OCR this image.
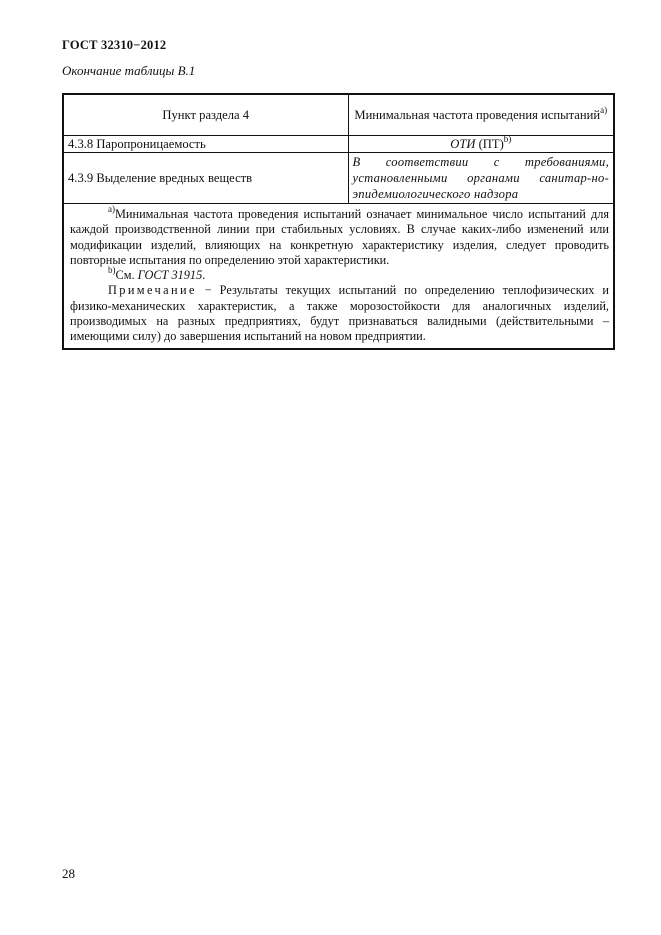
ГОСТ 32310−2012
Окончание таблицы В.1
Пункт раздела 4	Минимальная частота проведения испытаний$^{а)}$
4.3.8 Паропроницаемость	ОТИ (ПТ)$^{b)}$
4.3.9 Выделение вредных веществ	В соответствии с требованиями, установленными органами санитар-но-эпидемиологического надзора

$^{а)}$Минимальная частота проведения испытаний означает минимальное число испытаний для каждой производственной линии при стабильных условиях. В случае каких-либо изменений или модификации изделий, влияющих на конкретную характеристику изделия, следует проводить повторные испытания по определению этой характеристики.

$^{b)}$См. ГОСТ 31915.

Примечание − Результаты текущих испытаний по определению теплофизических и физико-механических характеристик, а также морозостойкости для аналогичных изделий, производимых на разных предприятиях, будут признаваться валидными (действительными – имеющими силу) до завершения испытаний на новом предприятии.	

28
